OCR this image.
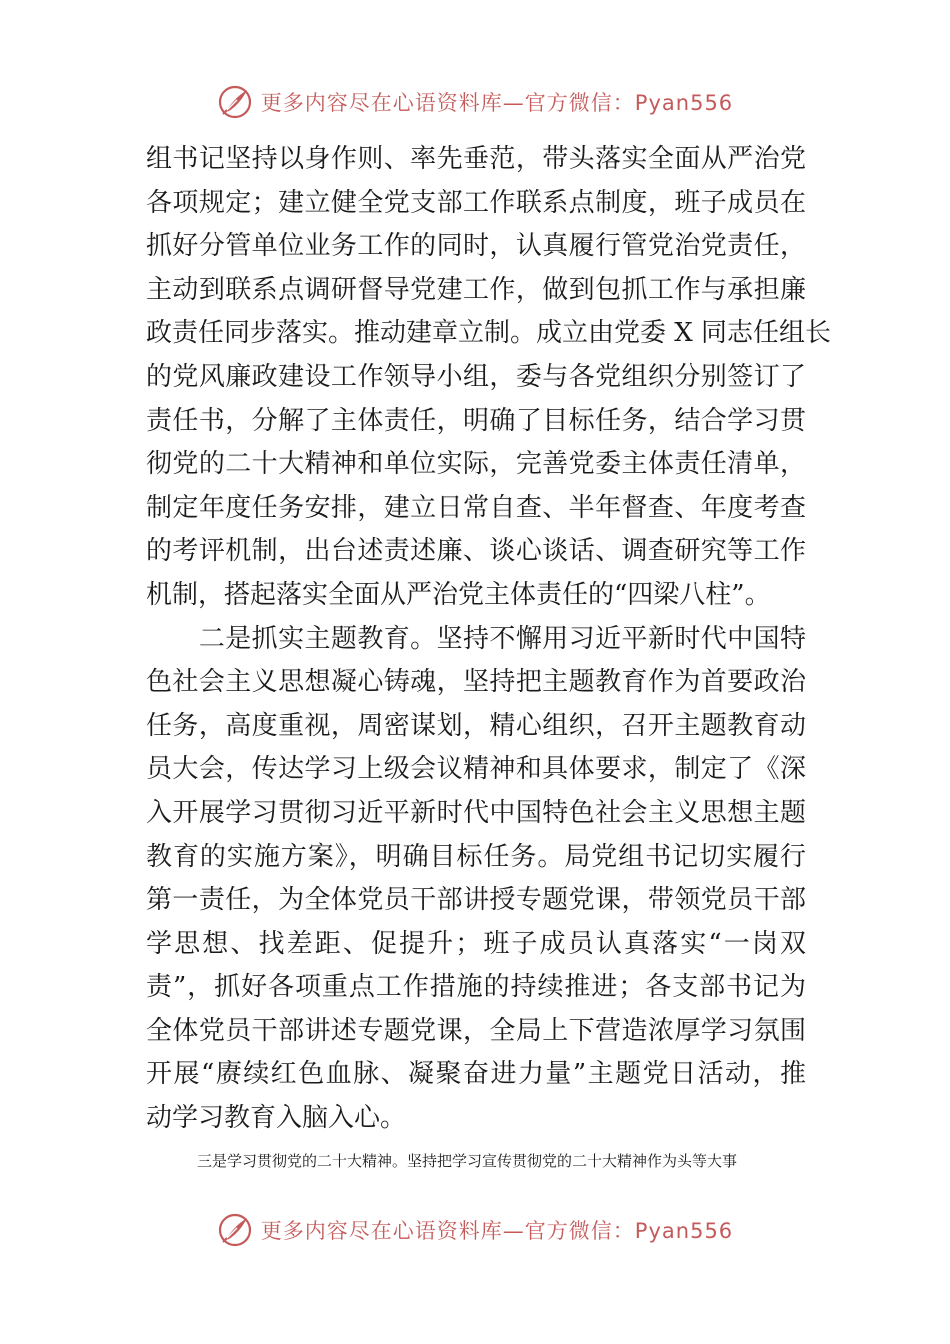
更多内容尽在心语资料库—官方微信：Pyan556
组书记坚持以身作则、率先垂范，带头落实全面从严治党
各项规定；建立健全党支部工作联系点制度，班子成员在
抓好分管单位业务工作的同时，认真履行管党治党责任，
主动到联系点调研督导党建工作，做到包抓工作与承担廉
政责任同步落实。推动建章立制。成立由党委 X 同志任组长
的党风廉政建设工作领导小组，委与各党组织分别签订了
责任书，分解了主体责任，明确了目标任务，结合学习贯
彻党的二十大精神和单位实际，完善党委主体责任清单，
制定年度任务安排，建立日常自查、半年督查、年度考查
的考评机制，出台述责述廉、谈心谈话、调查研究等工作
机制，搭起落实全面从严治党主体责任的“四梁八柱”。
　　二是抓实主题教育。坚持不懈用习近平新时代中国特
色社会主义思想凝心铸魂，坚持把主题教育作为首要政治
任务，高度重视，周密谋划，精心组织，召开主题教育动
员大会，传达学习上级会议精神和具体要求，制定了《深
入开展学习贯彻习近平新时代中国特色社会主义思想主题
教育的实施方案》，明确目标任务。局党组书记切实履行
第一责任，为全体党员干部讲授专题党课，带领党员干部
学思想、找差距、促提升；班子成员认真落实“一岗双
责”，抓好各项重点工作措施的持续推进；各支部书记为
全体党员干部讲述专题党课，全局上下营造浓厚学习氛围
开展“赓续红色血脉、凝聚奋进力量”主题党日活动，推
动学习教育入脑入心。
三是学习贯彻党的二十大精神。坚持把学习宣传贯彻党的二十大精神作为头等大事
更多内容尽在心语资料库—官方微信：Pyan556
